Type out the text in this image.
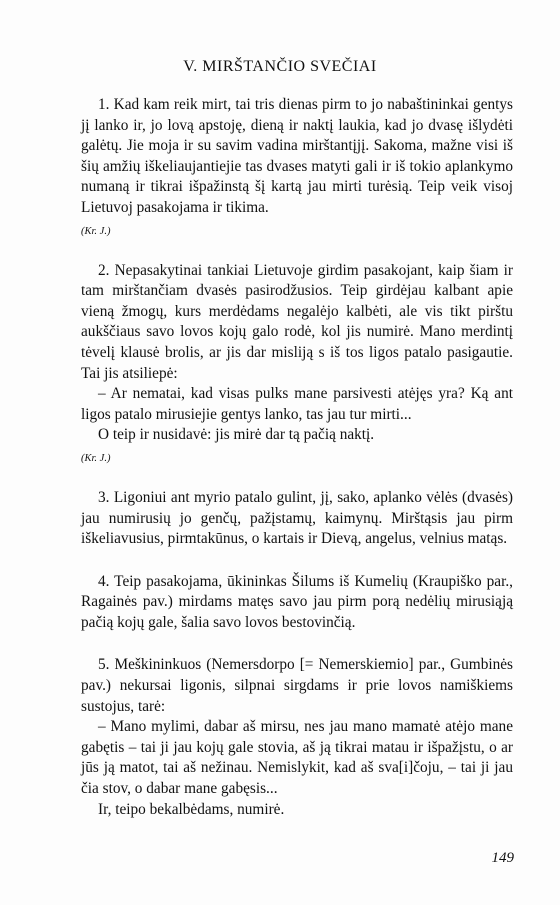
V. MIRŠTANČIO SVEČIAI

1. Kad kam reik mirt, tai tris dienas pirm to jo nabaštininkai gentys jį lanko ir, jo lovą apstoję, dieną ir naktį laukia, kad jo dvasę išlydėti galėtų. Jie moja ir su savim vadina mirštantįjį. Sakoma, mažne visi iš šių amžių iškeliaujantiejie tas dvases matyti gali ir iš tokio aplankymo numaną ir tikrai išpažinstą šį kartą jau mirti turėsią. Teip veik visoj Lietuvoj pasakojama ir tikima.

(Kr. J.)

2. Nepasakytinai tankiai Lietuvoje girdim pasakojant, kaip šiam ir tam mirštančiam dvasės pasirodžusios. Teip girdėjau kalbant apie vieną žmogų, kurs merdėdams negalėjo kalbėti, ale vis tikt pirštu aukščiaus savo lovos kojų galo rodė, kol jis numirė. Mano merdintį tėvelį klausė brolis, ar jis dar misliją s iš tos ligos patalo pasigautie. Tai jis atsiliepė:

– Ar nematai, kad visas pulks mane parsivesti atėjęs yra? Ką ant ligos patalo mirusiejie gentys lanko, tas jau tur mirti...

O teip ir nusidavė: jis mirė dar tą pačią naktį.

(Kr. J.)

3. Ligoniui ant myrio patalo gulint, jį, sako, aplanko vėlės (dvasės) jau numirusių jo genčų, pažįstamų, kaimynų. Mirštąsis jau pirm iškeliavusius, pirmtakūnus, o kartais ir Dievą, angelus, velnius matąs.

4. Teip pasakojama, ūkininkas Šilums iš Kumelių (Kraupiško par., Ragainės pav.) mirdams matęs savo jau pirm porą nedėlių mirusiąją pačią kojų gale, šalia savo lovos bestovinčią.

5. Meškininkuos (Nemersdorpo [= Nemerskiemio] par., Gumbinės pav.) nekursai ligonis, silpnai sirgdams ir prie lovos namiškiems sustojus, tarė:

– Mano mylimi, dabar aš mirsu, nes jau mano mamatė atėjo mane gabętis – tai ji jau kojų gale stovia, aš ją tikrai matau ir išpažįstu, o ar jūs ją matot, tai aš nežinau. Nemislykit, kad aš sva[i]čoju, – tai ji jau čia stov, o dabar mane gabęsis...

Ir, teipo bekalbėdams, numirė.

149
